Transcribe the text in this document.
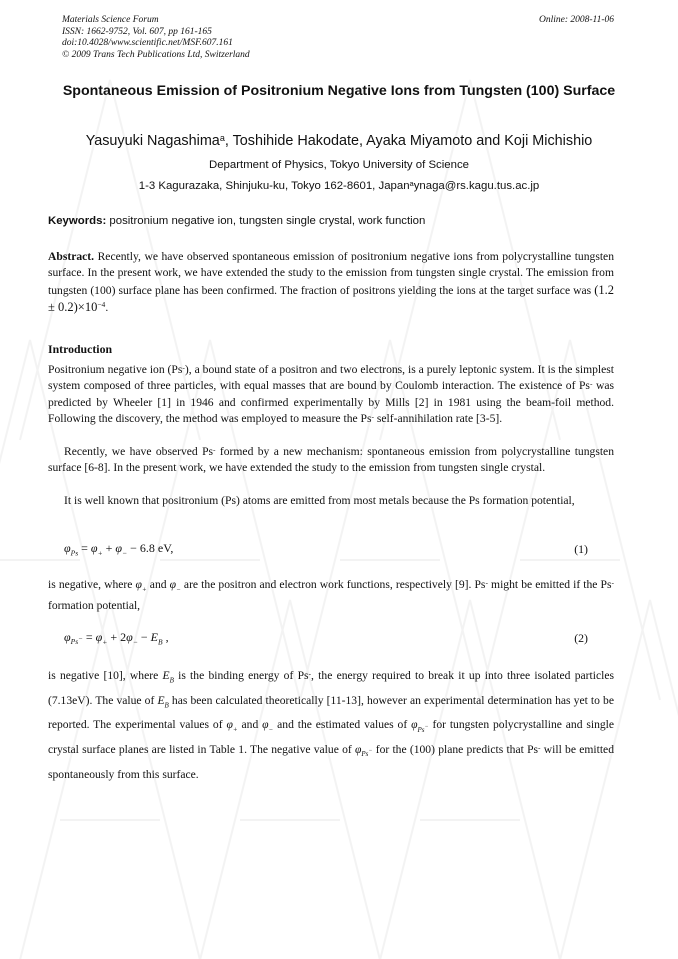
Materials Science Forum
ISSN: 1662-9752, Vol. 607, pp 161-165
doi:10.4028/www.scientific.net/MSF.607.161
© 2009 Trans Tech Publications Ltd, Switzerland
Online: 2008-11-06
Spontaneous Emission of Positronium Negative Ions from Tungsten (100) Surface
Yasuyuki Nagashima$^a$, Toshihide Hakodate, Ayaka Miyamoto and Koji Michishio
Department of Physics, Tokyo University of Science
1-3 Kagurazaka, Shinjuku-ku, Tokyo 162-8601, Japan$^a$ynaga@rs.kagu.tus.ac.jp
Keywords: positronium negative ion, tungsten single crystal, work function
Abstract. Recently, we have observed spontaneous emission of positronium negative ions from polycrystalline tungsten surface. In the present work, we have extended the study to the emission from tungsten single crystal. The emission from tungsten (100) surface plane has been confirmed. The fraction of positrons yielding the ions at the target surface was $(1.2 \pm 0.2)\times 10^{-4}$.
Introduction
Positronium negative ion (Ps-), a bound state of a positron and two electrons, is a purely leptonic system. It is the simplest system composed of three particles, with equal masses that are bound by Coulomb interaction. The existence of Ps- was predicted by Wheeler [1] in 1946 and confirmed experimentally by Mills [2] in 1981 using the beam-foil method. Following the discovery, the method was employed to measure the Ps- self-annihilation rate [3-5].
Recently, we have observed Ps- formed by a new mechanism: spontaneous emission from polycrystalline tungsten surface [6-8]. In the present work, we have extended the study to the emission from tungsten single crystal.
It is well known that positronium (Ps) atoms are emitted from most metals because the Ps formation potential,
$\varphi_{Ps} = \varphi_+ + \varphi_- - 6.8$ eV,	(1)
is negative, where $\varphi_+$ and $\varphi_-$ are the positron and electron work functions, respectively [9]. Ps- might be emitted if the Ps- formation potential,
$\varphi_{Ps^-} = \varphi_+ + 2\varphi_- - E_B$ ,	(2)
is negative [10], where $E_B$ is the binding energy of Ps-, the energy required to break it up into three isolated particles (7.13eV). The value of $E_B$ has been calculated theoretically [11-13], however an experimental determination has yet to be reported. The experimental values of $\varphi_+$ and $\varphi_-$ and the estimated values of $\varphi_{Ps^-}$ for tungsten polycrystalline and single crystal surface planes are listed in Table 1. The negative value of $\varphi_{Ps^-}$ for the (100) plane predicts that Ps- will be emitted spontaneously from this surface.
